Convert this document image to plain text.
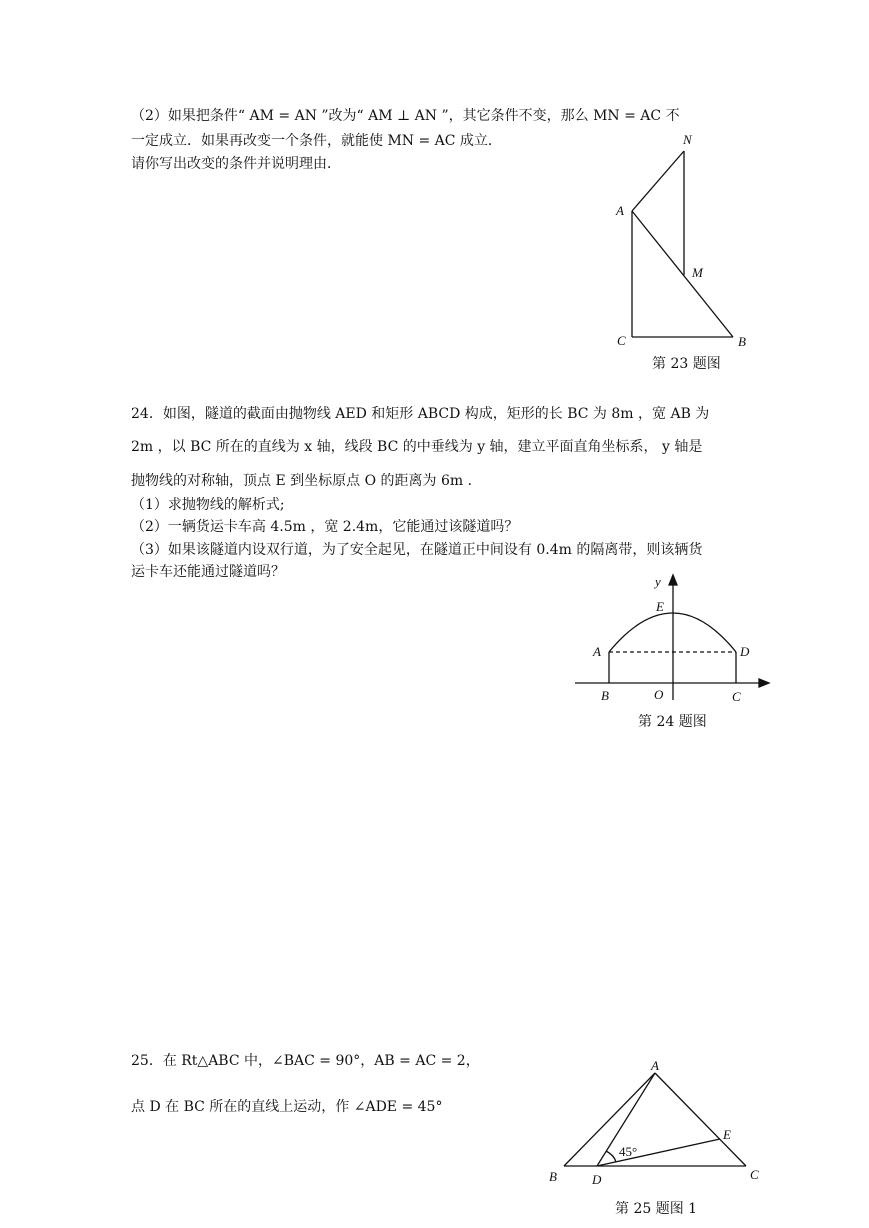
（2）如果把条件“ AM = AN ”改为“ AM ⊥ AN ”，其它条件不变，那么 MN = AC 不
一定成立．如果再改变一个条件，就能使 MN = AC 成立．
请你写出改变的条件并说明理由．
N
A
M
C	B
第 23 题图
24．如图，隧道的截面由抛物线 AED 和矩形 ABCD 构成，矩形的长 BC 为 8m ，宽 AB 为
2m ，以 BC 所在的直线为 x 轴，线段 BC 的中垂线为 y 轴，建立平面直角坐标系， y 轴是
抛物线的对称轴，顶点 E 到坐标原点 O 的距离为 6m .
（1）求抛物线的解析式;
（2）一辆货运卡车高 4.5m ，宽 2.4m，它能通过该隧道吗？
（3）如果该隧道内设双行道，为了安全起见，在隧道正中间设有 0.4m 的隔离带，则该辆货
运卡车还能通过隧道吗？
y
E
A	D
B	O	C
第 24 题图
25．在 Rt△ABC 中，∠BAC = 90°，AB = AC = 2，
点 D 在 BC 所在的直线上运动，作 ∠ADE = 45°
A
E
45°
B	D	C
第 25 题图 1
